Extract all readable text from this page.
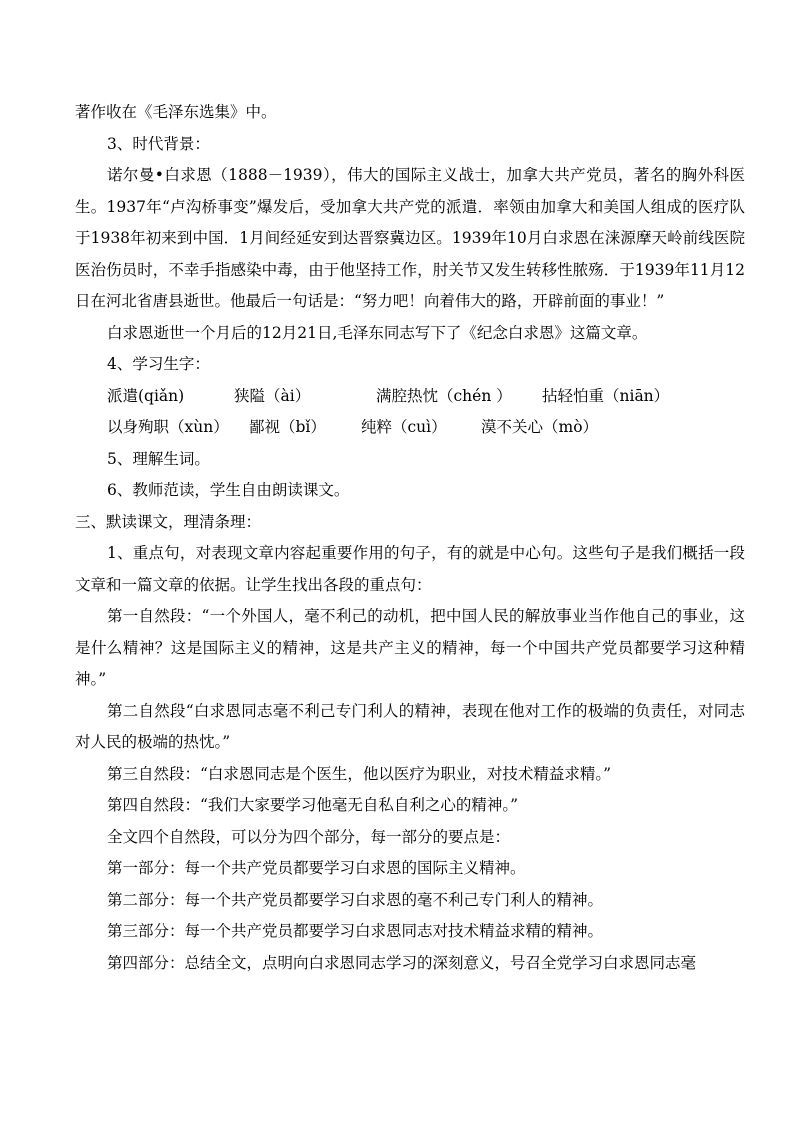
著作收在《毛泽东选集》中。

3、时代背景：

诺尔曼•白求恩（1888－1939），伟大的国际主义战士，加拿大共产党员，著名的胸外科医生。1937年“卢沟桥事变”爆发后，受加拿大共产党的派遣．率领由加拿大和美国人组成的医疗队于1938年初来到中国．1月间经延安到达晋察冀边区。1939年10月白求恩在涞源摩天岭前线医院医治伤员时，不幸手指感染中毒，由于他坚持工作，肘关节又发生转移性脓殇．于1939年11月12日在河北省唐县逝世。他最后一句话是：“努力吧！向着伟大的路，开辟前面的事业！”

白求恩逝世一个月后的12月21日,毛泽东同志写下了《纪念白求恩》这篇文章。

4、学习生字：

派遣(qiǎn)	狭隘（ài）	满腔热忱（chén ）	拈轻怕重（niān）
以身殉职（xùn）	鄙视（bǐ）	纯粹（cuì）	漠不关心（mò）

5、理解生词。

6、教师范读，学生自由朗读课文。

三、默读课文，理清条理：

1、重点句，对表现文章内容起重要作用的句子，有的就是中心句。这些句子是我们概括一段文章和一篇文章的依据。让学生找出各段的重点句：

第一自然段：“一个外国人，毫不利己的动机，把中国人民的解放事业当作他自己的事业，这是什么精神？这是国际主义的精神，这是共产主义的精神，每一个中国共产党员都要学习这种精神。”

第二自然段“白求恩同志毫不利己专门利人的精神，表现在他对工作的极端的负责任，对同志对人民的极端的热忱。”

第三自然段：“白求恩同志是个医生，他以医疗为职业，对技术精益求精。”

第四自然段：“我们大家要学习他毫无自私自利之心的精神。”

全文四个自然段，可以分为四个部分，每一部分的要点是：

第一部分：每一个共产党员都要学习白求恩的国际主义精神。

第二部分：每一个共产党员都要学习白求恩的毫不利己专门利人的精神。

第三部分：每一个共产党员都要学习白求恩同志对技术精益求精的精神。

第四部分：总结全文，点明向白求恩同志学习的深刻意义，号召全党学习白求恩同志毫
